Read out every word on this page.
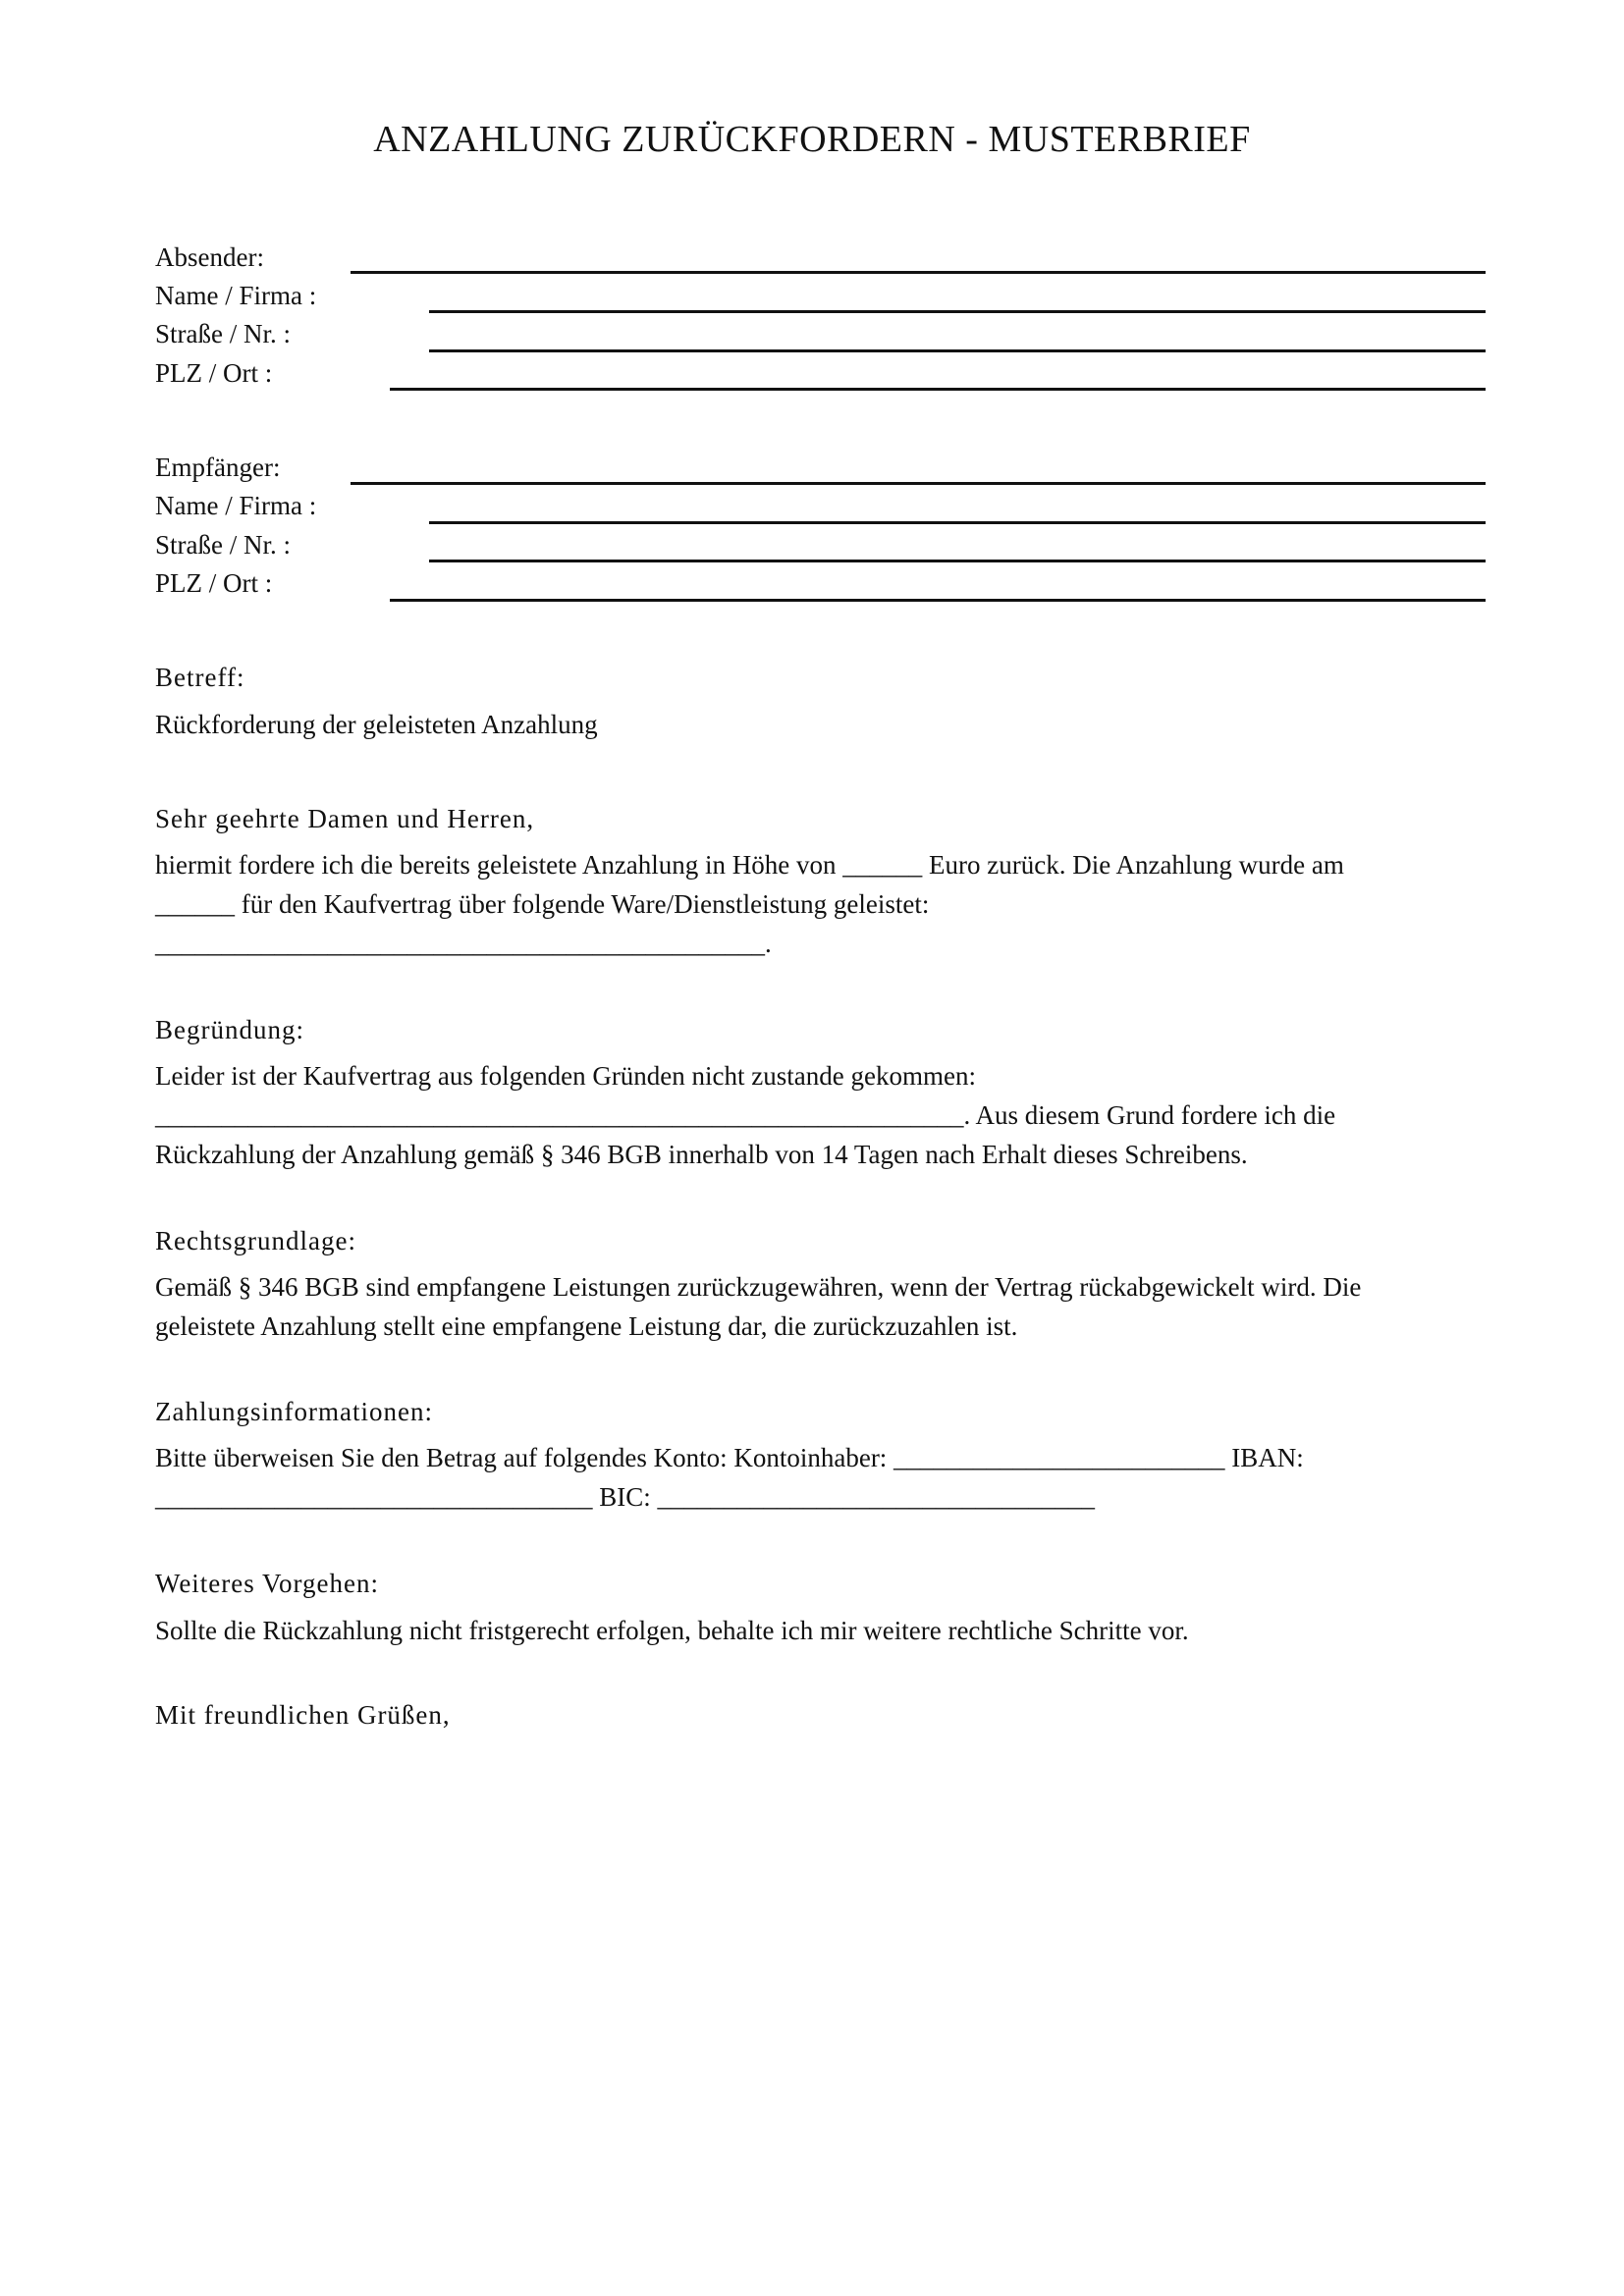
ANZAHLUNG ZURÜCKFORDERN - MUSTERBRIEF
Absender:
Name / Firma :
Straße / Nr. :
PLZ / Ort :
Empfänger:
Name / Firma :
Straße / Nr. :
PLZ / Ort :
Betreff:
Rückforderung der geleisteten Anzahlung
Sehr geehrte Damen und Herren,
hiermit fordere ich die bereits geleistete Anzahlung in Höhe von ______ Euro zurück. Die Anzahlung wurde am
______ für den Kaufvertrag über folgende Ware/Dienstleistung geleistet:
______________________________________________.
Begründung:
Leider ist der Kaufvertrag aus folgenden Gründen nicht zustande gekommen:
_____________________________________________________________. Aus diesem Grund fordere ich die
Rückzahlung der Anzahlung gemäß § 346 BGB innerhalb von 14 Tagen nach Erhalt dieses Schreibens.
Rechtsgrundlage:
Gemäß § 346 BGB sind empfangene Leistungen zurückzugewähren, wenn der Vertrag rückabgewickelt wird. Die
geleistete Anzahlung stellt eine empfangene Leistung dar, die zurückzuzahlen ist.
Zahlungsinformationen:
Bitte überweisen Sie den Betrag auf folgendes Konto: Kontoinhaber: _________________________ IBAN:
_________________________________ BIC: _________________________________
Weiteres Vorgehen:
Sollte die Rückzahlung nicht fristgerecht erfolgen, behalte ich mir weitere rechtliche Schritte vor.
Mit freundlichen Grüßen,
